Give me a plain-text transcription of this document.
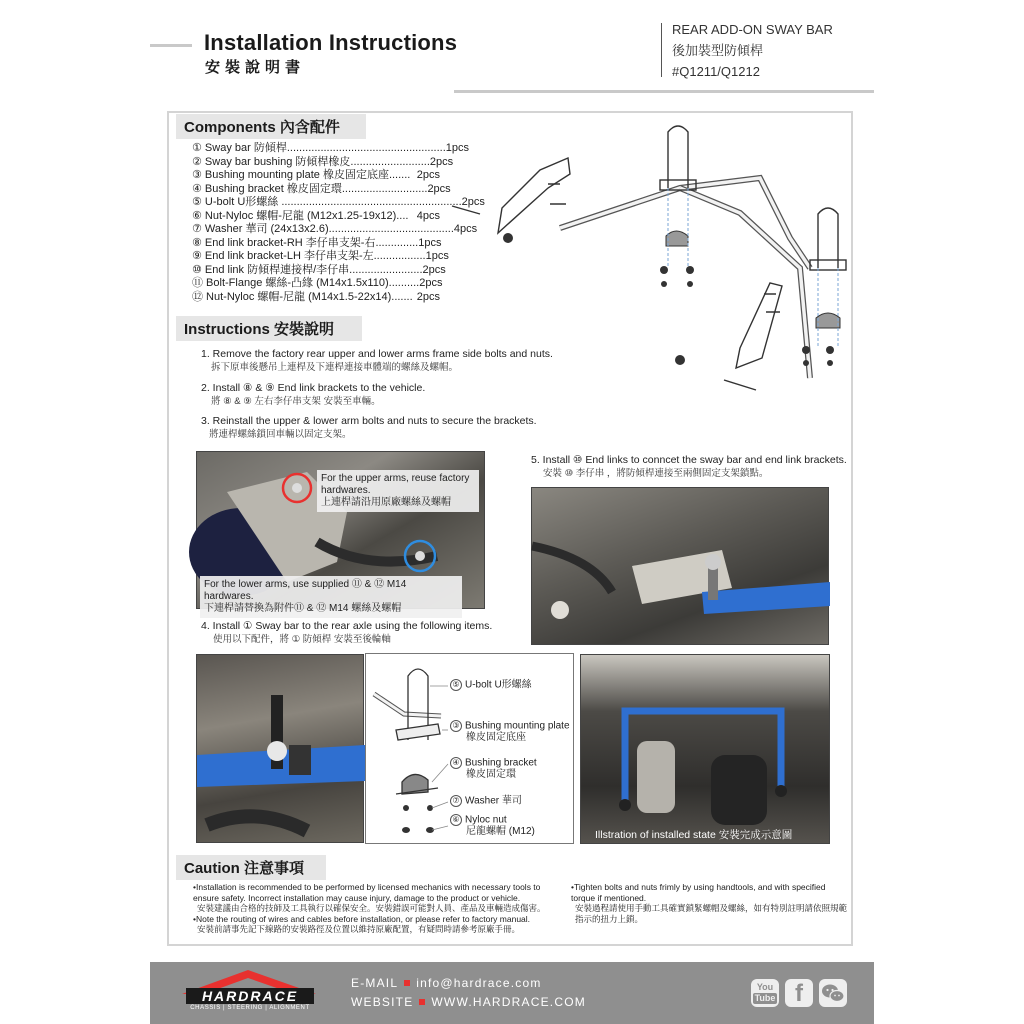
Installation Instructions
安裝說明書
REAR ADD-ON SWAY BAR
後加裝型防傾桿
#Q1211/Q1212
Components 內含配件
① Sway bar 防傾桿.................................................... 1pcs
② Sway bar bushing 防傾桿橡皮.......................... 2pcs
③ Bushing mounting plate 橡皮固定底座....... 2pcs
④ Bushing bracket 橡皮固定環............................ 2pcs
⑤ U-bolt U形螺絲 ........................................................... 2pcs
⑥ Nut-Nyloc 螺帽-尼龍 (M12x1.25-19x12).... 4pcs
⑦ Washer 華司 (24x13x2.6)......................................... 4pcs
⑧ End link bracket-RH 李仔串支架-右.............. 1pcs
⑨ End link bracket-LH 李仔串支架-左................. 1pcs
⑩ End link 防傾桿連接桿/李仔串........................ 2pcs
⑪ Bolt-Flange 螺絲-凸緣 (M14x1.5x110).......... 2pcs
⑫ Nut-Nyloc 螺帽-尼龍 (M14x1.5-22x14)....... 2pcs
Instructions 安裝說明
1. Remove the factory rear upper and lower arms frame side bolts and nuts.
拆下原車後懸吊上連桿及下連桿連接車體端的螺絲及螺帽。
2. Install ⑧ & ⑨ End link brackets to the vehicle.
將 ⑧ & ⑨ 左右李仔串支架 安裝至車輛。
3. Reinstall the upper & lower arm bolts and nuts to secure the brackets.
將連桿螺絲鎖回車輛以固定支架。
For the upper arms, reuse factory hardwares.
上連桿請沿用原廠螺絲及螺帽
For the lower arms, use supplied ⑪ & ⑫ M14 hardwares.
下連桿請替換為附件⑪ & ⑫ M14 螺絲及螺帽
5. Install ⑩ End links to conncet the sway bar and end link brackets.
安裝 ⑩ 李仔串 ，將防傾桿連接至兩側固定支架鎖點。
4. Install ① Sway bar to the rear axle using the following items.
使用以下配件，將 ① 防傾桿 安裝至後輪軸
⑤ U-bolt U形螺絲
③ Bushing mounting plate
橡皮固定底座
④ Bushing bracket
橡皮固定環
⑦ Washer 華司
⑥ Nyloc nut
尼龍螺帽 (M12)	Illstration of installed state 安裝完成示意圖
Caution 注意事項
•Installation is recommended to be performed by licensed mechanics with necessary tools to ensure safety. Incorrect installation may cause injury, damage to the product or vehicle.
安裝建議由合格的技師及工具執行以確保安全。安裝錯誤可能對人員、產品及車輛造成傷害。
•Note the routing of wires and cables before installation, or please refer to factory manual.
安裝前請事先記下線路的安裝路徑及位置以維持原廠配置，有疑問時請參考原廠手冊。
•Tighten bolts and nuts frimly by using handtools, and with specified torque if mentioned.
安裝過程請使用手動工具確實鎖緊螺帽及螺絲，如有特別註明請依照規範指示的扭力上鎖。
HARDRACE
CHASSIS | STEERING | ALIGNMENT
E-MAIL info@hardrace.com
WEBSITE WWW.HARDRACE.COM
You
Tube f
